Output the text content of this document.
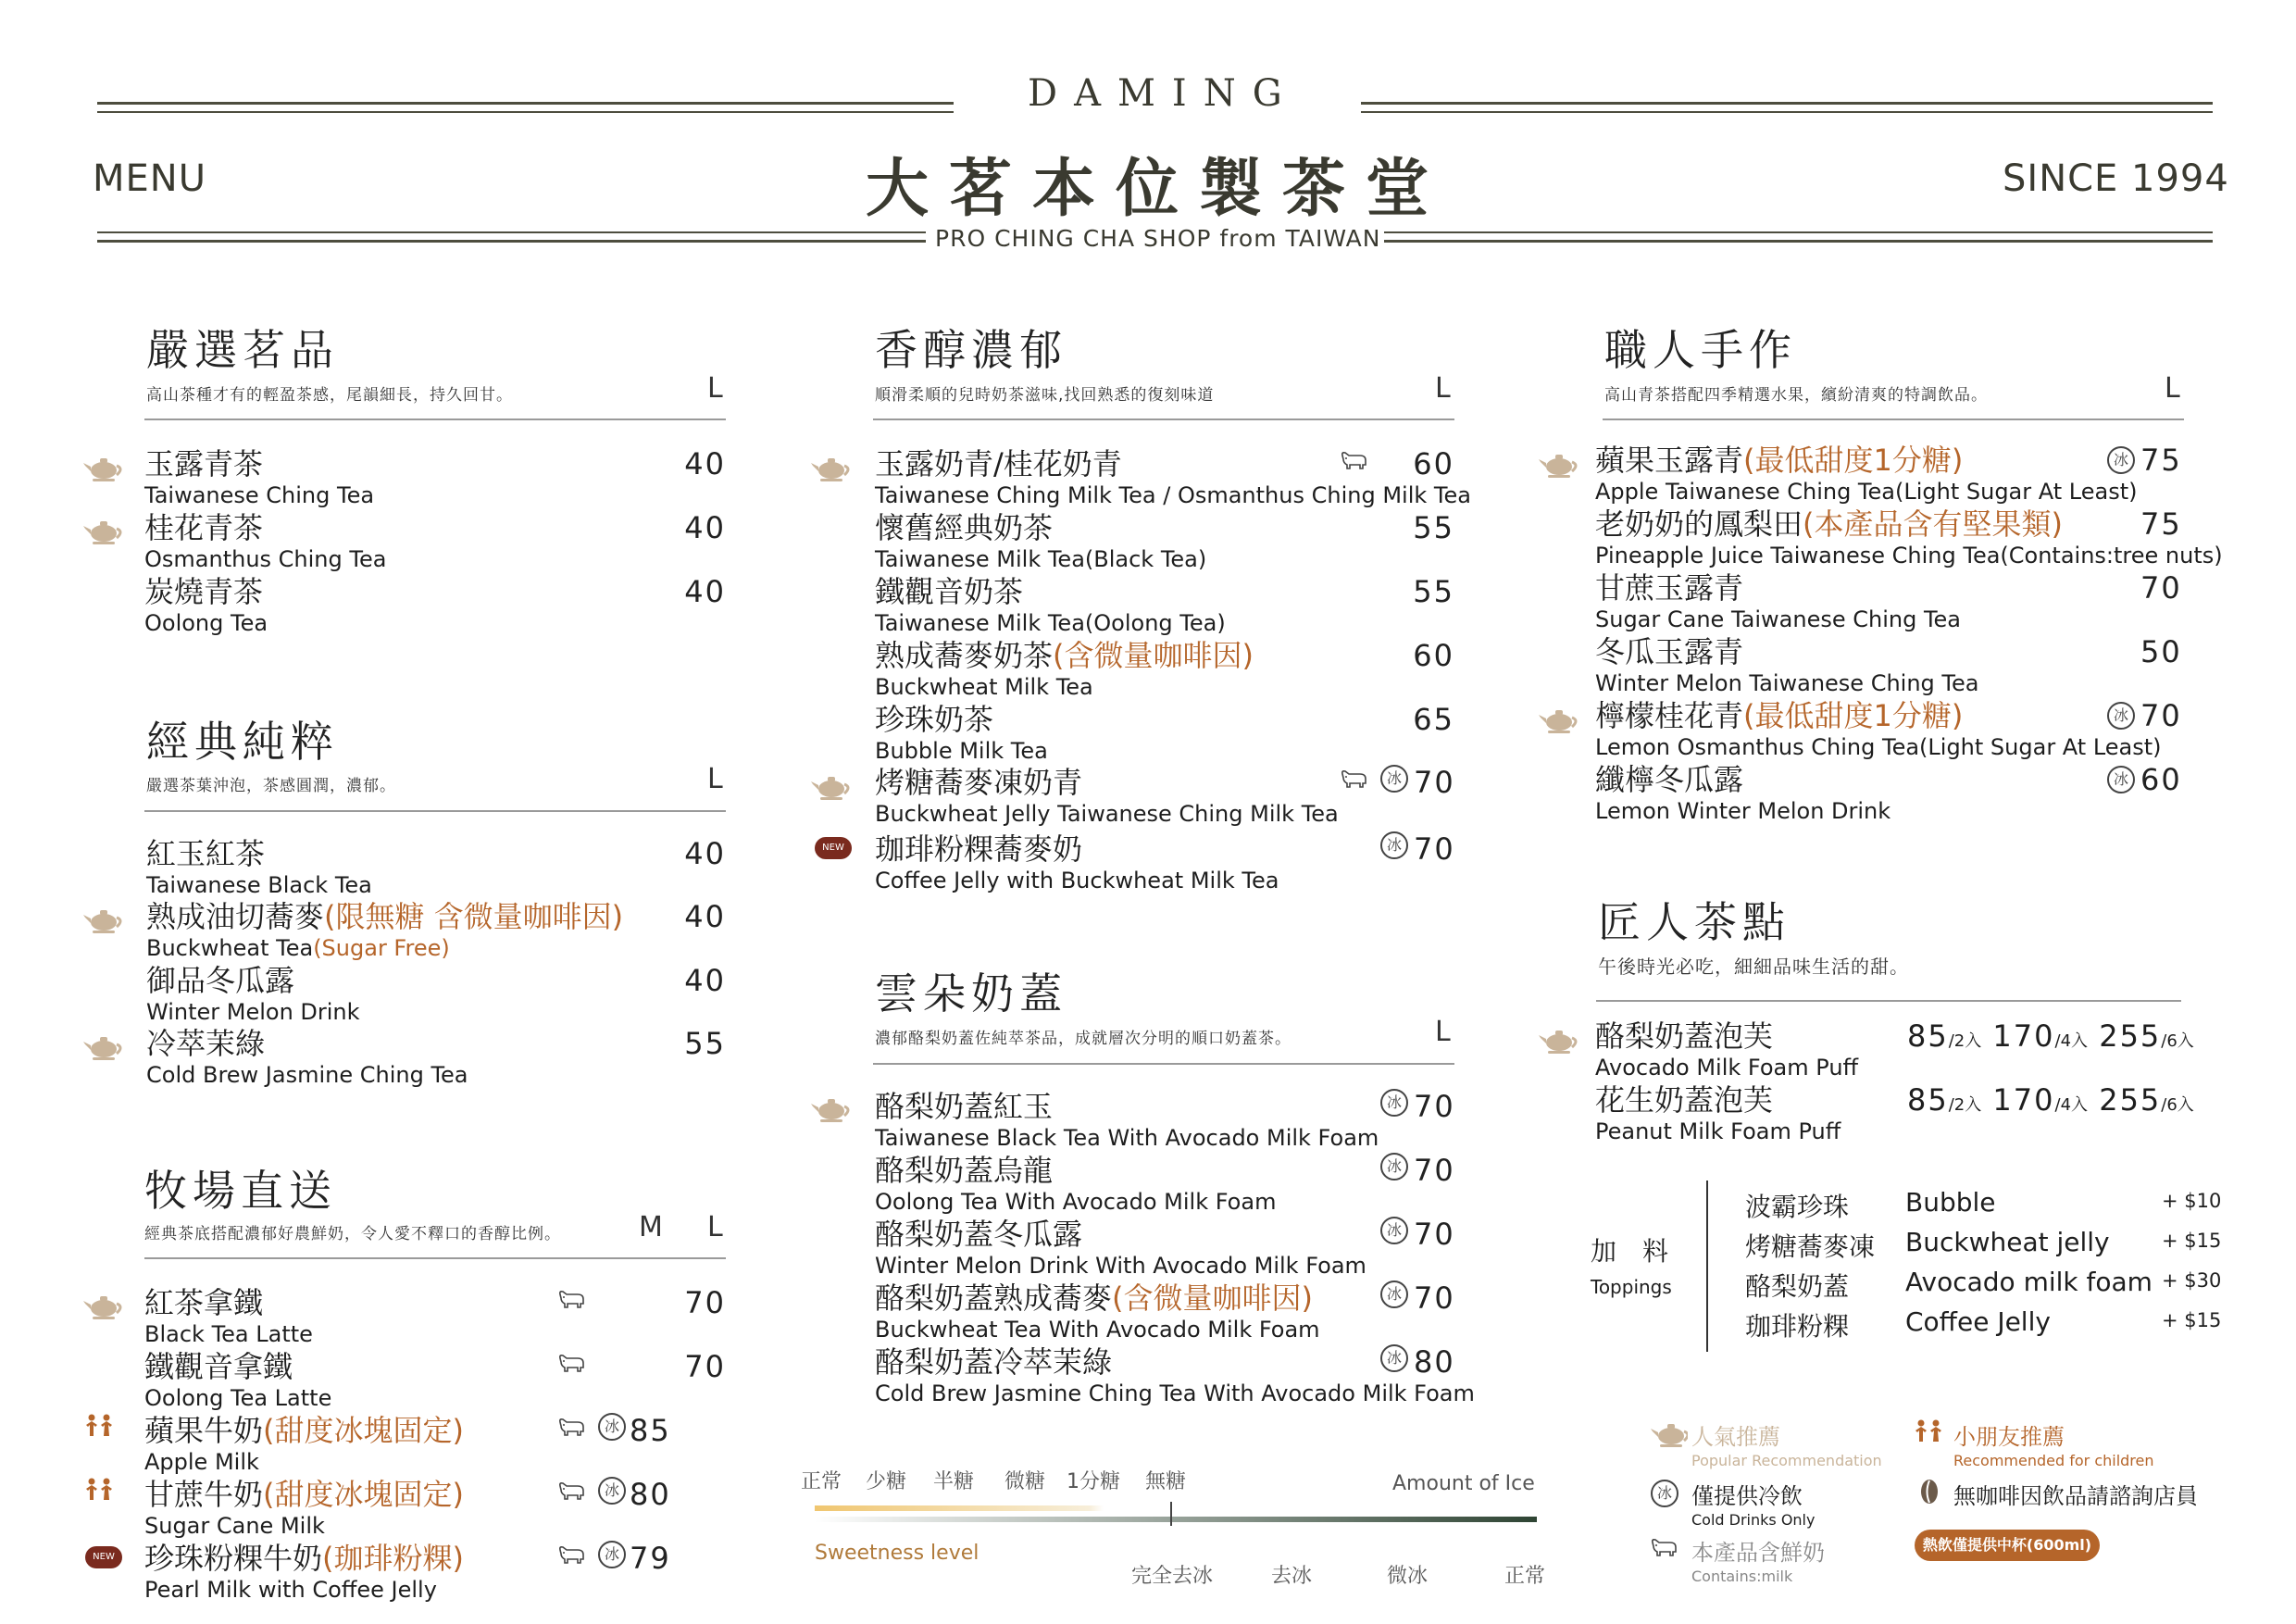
DAMING
大茗本位製茶堂
MENU	SINCE 1994
PRO CHING CHA SHOP from TAIWAN
嚴選茗品
高山茶種才有的輕盈茶感，尾韻細長，持久回甘。	L
玉露青茶
Taiwanese Ching Tea
40
桂花青茶
Osmanthus Ching Tea
40
炭燒青茶
Oolong Tea
40
經典純粹
嚴選茶葉沖泡，茶感圓潤，濃郁。	L
紅玉紅茶
Taiwanese Black Tea
40
熟成油切蕎麥(限無糖 含微量咖啡因)
Buckwheat Tea(Sugar Free)
40
御品冬瓜露
Winter Melon Drink
40
冷萃茉綠
Cold Brew Jasmine Ching Tea
55
牧場直送
經典茶底搭配濃郁好農鮮奶，令人愛不釋口的香醇比例。	M L
紅茶拿鐵
Black Tea Latte
70
鐵觀音拿鐵
Oolong Tea Latte
70
蘋果牛奶(甜度冰塊固定)
Apple Milk
冰 85
甘蔗牛奶(甜度冰塊固定)
Sugar Cane Milk
冰 80
NEW 珍珠粉粿牛奶(珈琲粉粿)
Pearl Milk with Coffee Jelly
冰 79
香醇濃郁
順滑柔順的兒時奶茶滋味,找回熟悉的復刻味道	L
玉露奶青/桂花奶青
Taiwanese Ching Milk Tea / Osmanthus Ching Milk Tea
60
懷舊經典奶茶
Taiwanese Milk Tea(Black Tea)
55
鐵觀音奶茶
Taiwanese Milk Tea(Oolong Tea)
55
熟成蕎麥奶茶(含微量咖啡因)
Buckwheat Milk Tea
60
珍珠奶茶
Bubble Milk Tea
65
烤糖蕎麥凍奶青
Buckwheat Jelly Taiwanese Ching Milk Tea
冰 70
NEW 珈琲粉粿蕎麥奶
Coffee Jelly with Buckwheat Milk Tea
冰 70
雲朵奶蓋
濃郁酪梨奶蓋佐純萃茶品，成就層次分明的順口奶蓋茶。	L
酪梨奶蓋紅玉
Taiwanese Black Tea With Avocado Milk Foam
冰 70
酪梨奶蓋烏龍
Oolong Tea With Avocado Milk Foam
冰 70
酪梨奶蓋冬瓜露
Winter Melon Drink With Avocado Milk Foam
冰 70
酪梨奶蓋熟成蕎麥(含微量咖啡因)
Buckwheat Tea With Avocado Milk Foam
冰 70
酪梨奶蓋冷萃茉綠
Cold Brew Jasmine Ching Tea With Avocado Milk Foam
冰 80
正常 少糖 半糖 微糖 1分糖 無糖	Amount of Ice
Sweetness level
完全去冰	去冰	微冰	正常
職人手作
高山青茶搭配四季精選水果，繽紛清爽的特調飲品。	L
蘋果玉露青(最低甜度1分糖)
Apple Taiwanese Ching Tea(Light Sugar At Least)
冰 75
老奶奶的鳳梨田(本產品含有堅果類)
Pineapple Juice Taiwanese Ching Tea(Contains:tree nuts)
75
甘蔗玉露青
Sugar Cane Taiwanese Ching Tea
70
冬瓜玉露青
Winter Melon Taiwanese Ching Tea
50
檸檬桂花青(最低甜度1分糖)
Lemon Osmanthus Ching Tea(Light Sugar At Least)
冰 70
纖檸冬瓜露
Lemon Winter Melon Drink
冰 60
匠人茶點
午後時光必吃，細細品味生活的甜。
酪梨奶蓋泡芙
Avocado Milk Foam Puff
85/2入 170/4入 255/6入
花生奶蓋泡芙
Peanut Milk Foam Puff
85/2入 170/4入 255/6入
加　料
Toppings
波霸珍珠 Bubble	+ $10
烤糖蕎麥凍 Buckwheat jelly	+ $15
酪梨奶蓋 Avocado milk foam + $30
珈琲粉粿 Coffee Jelly	+ $15
人氣推薦
Popular Recommendation
小朋友推薦
Recommended for children
冰 僅提供冷飲
Cold Drinks Only
無咖啡因飲品請諮詢店員
本產品含鮮奶
Contains:milk
熱飲僅提供中杯(600ml)
